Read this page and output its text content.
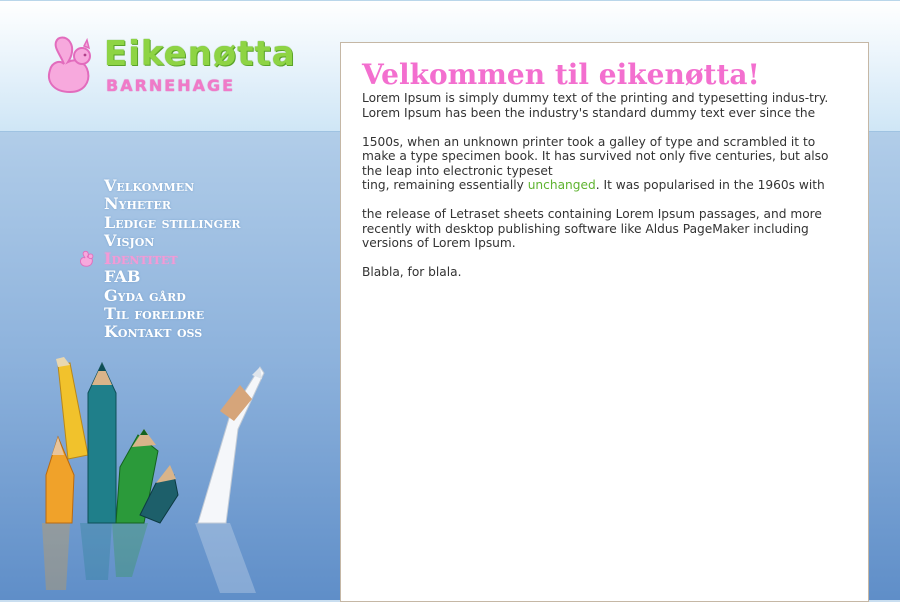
Eikenøtta
BARNEHAGE
Velkommen
Nyheter
Ledige stillinger
Visjon
Identitet
FAB
Gyda gård
Til foreldre
Kontakt oss
Velkommen til eikenøtta!

Lorem Ipsum is simply dummy text of the printing and typesetting indus-try. Lorem Ipsum has been the industry's standard dummy text ever since the

1500s, when an unknown printer took a galley of type and scrambled it to make a type specimen book. It has survived not only five centuries, but also the leap into electronic typeset
ting, remaining essentially unchanged. It was popularised in the 1960s with

the release of Letraset sheets containing Lorem Ipsum passages, and more recently with desktop publishing software like Aldus PageMaker including versions of Lorem Ipsum.

Blabla, for blala.
